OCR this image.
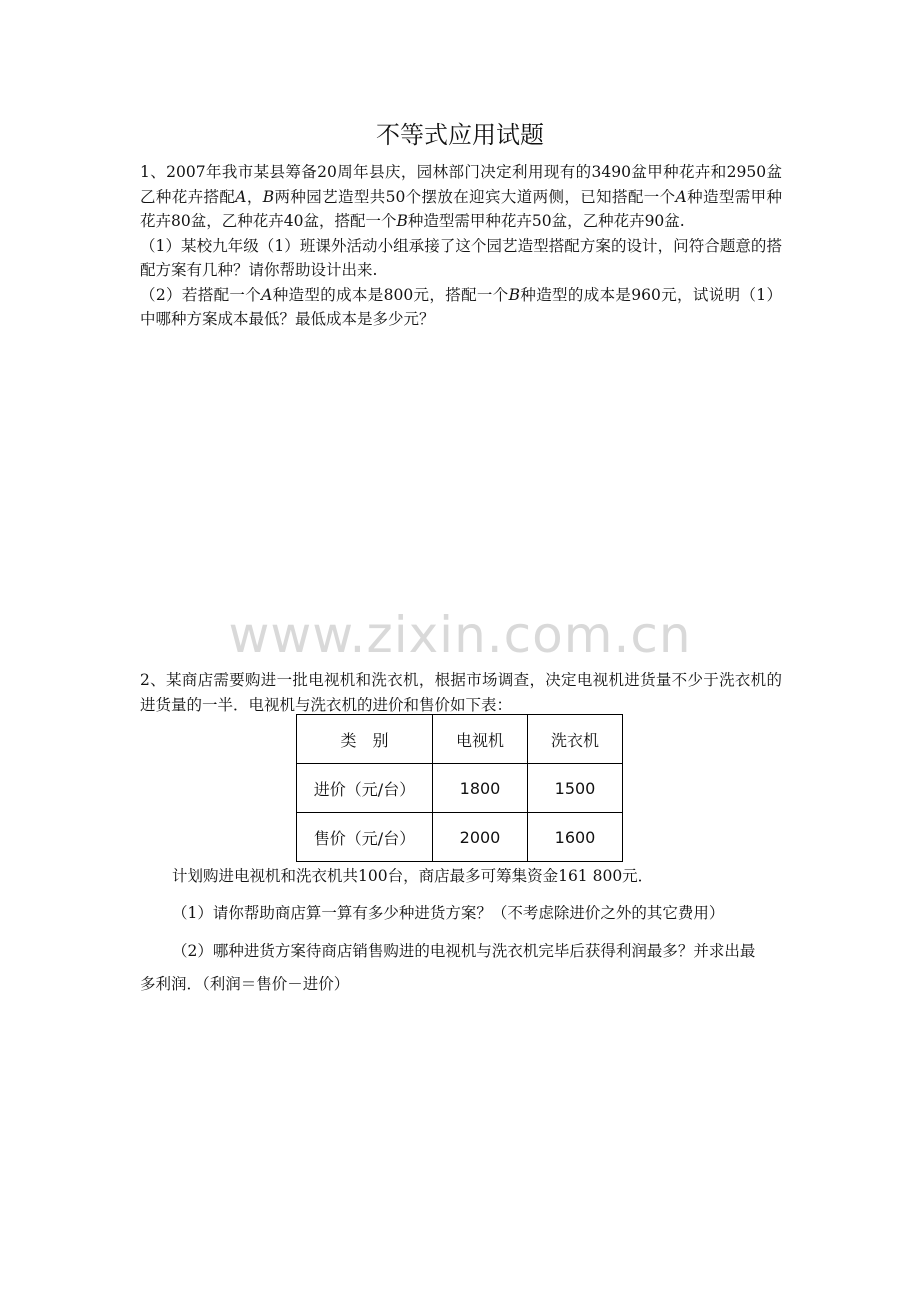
不等式应用试题
1、2007年我市某县筹备20周年县庆，园林部门决定利用现有的3490盆甲种花卉和2950盆乙种花卉搭配A，B两种园艺造型共50个摆放在迎宾大道两侧，已知搭配一个A种造型需甲种花卉80盆，乙种花卉40盆，搭配一个B种造型需甲种花卉50盆，乙种花卉90盆.
（1）某校九年级（1）班课外活动小组承接了这个园艺造型搭配方案的设计，问符合题意的搭配方案有几种？请你帮助设计出来.
（2）若搭配一个A种造型的成本是800元，搭配一个B种造型的成本是960元，试说明（1）中哪种方案成本最低？最低成本是多少元？
www.zixin.com.cn
2、某商店需要购进一批电视机和洗衣机，根据市场调查，决定电视机进货量不少于洗衣机的进货量的一半．电视机与洗衣机的进价和售价如下表：
类　别	电视机	洗衣机
进价（元/台）	1800	1500
售价（元/台）	2000	1600
计划购进电视机和洗衣机共100台，商店最多可筹集资金161 800元．
（1）请你帮助商店算一算有多少种进货方案？（不考虑除进价之外的其它费用）
（2）哪种进货方案待商店销售购进的电视机与洗衣机完毕后获得利润最多？并求出最
多利润．（利润＝售价－进价）
